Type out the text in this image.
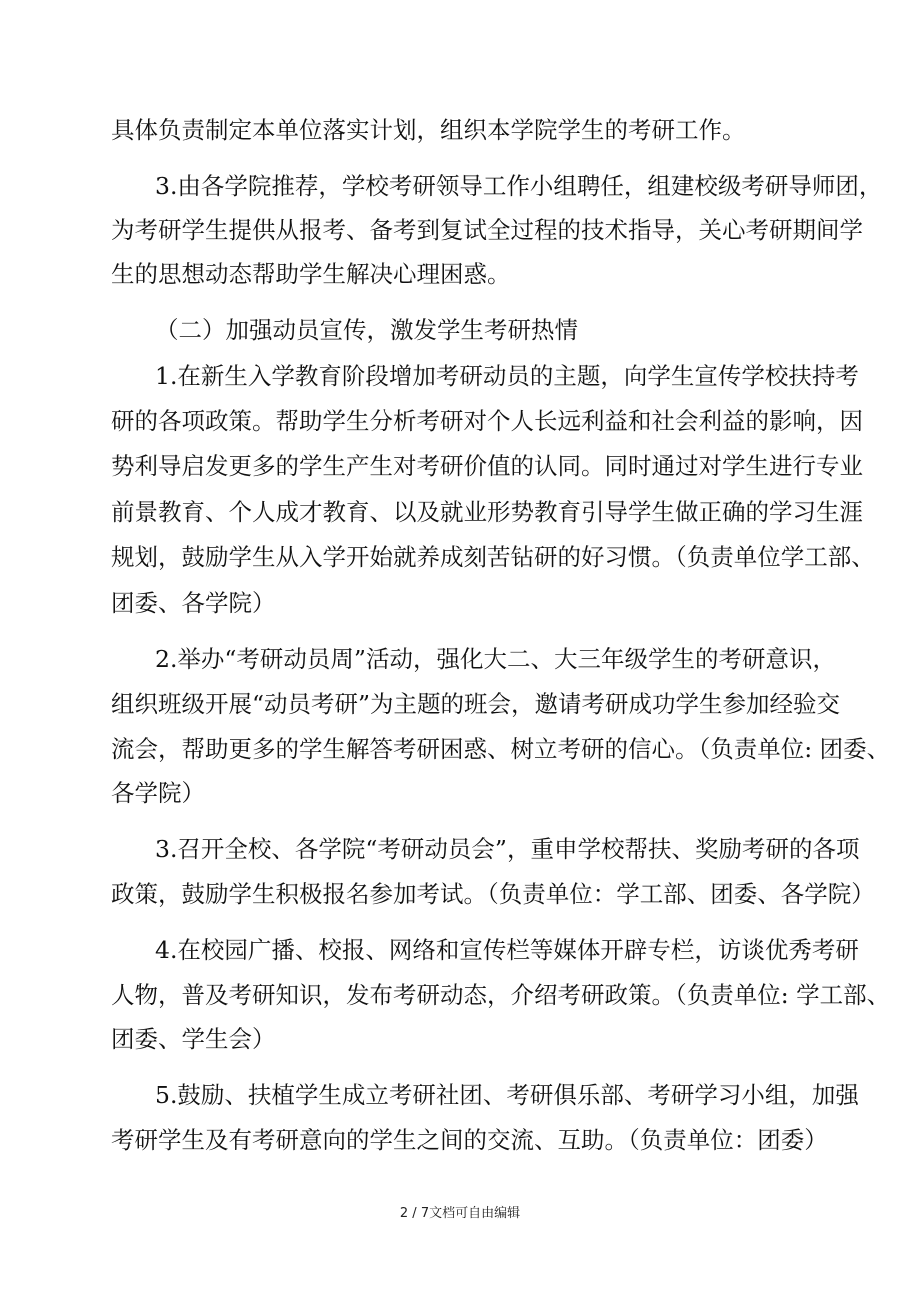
具体负责制定本单位落实计划，组织本学院学生的考研工作。
3.由各学院推荐，学校考研领导工作小组聘任，组建校级考研导师团，
为考研学生提供从报考、备考到复试全过程的技术指导，关心考研期间学
生的思想动态帮助学生解决心理困惑。
（二）加强动员宣传，激发学生考研热情
1.在新生入学教育阶段增加考研动员的主题，向学生宣传学校扶持考
研的各项政策。帮助学生分析考研对个人长远利益和社会利益的影响，因
势利导启发更多的学生产生对考研价值的认同。同时通过对学生进行专业
前景教育、个人成才教育、以及就业形势教育引导学生做正确的学习生涯
规划，鼓励学生从入学开始就养成刻苦钻研的好习惯。（负责单位学工部、
团委、各学院）
2.举办“考研动员周”活动，强化大二、大三年级学生的考研意识，
组织班级开展“动员考研”为主题的班会，邀请考研成功学生参加经验交
流会，帮助更多的学生解答考研困惑、树立考研的信心。（负责单位: 团委、
各学院）
3.召开全校、各学院“考研动员会”，重申学校帮扶、奖励考研的各项
政策，鼓励学生积极报名参加考试。（负责单位：学工部、团委、各学院）
4.在校园广播、校报、网络和宣传栏等媒体开辟专栏，访谈优秀考研
人物，普及考研知识，发布考研动态，介绍考研政策。（负责单位: 学工部、
团委、学生会）
5.鼓励、扶植学生成立考研社团、考研俱乐部、考研学习小组，加强
考研学生及有考研意向的学生之间的交流、互助。（负责单位：团委）
2 / 7文档可自由编辑
